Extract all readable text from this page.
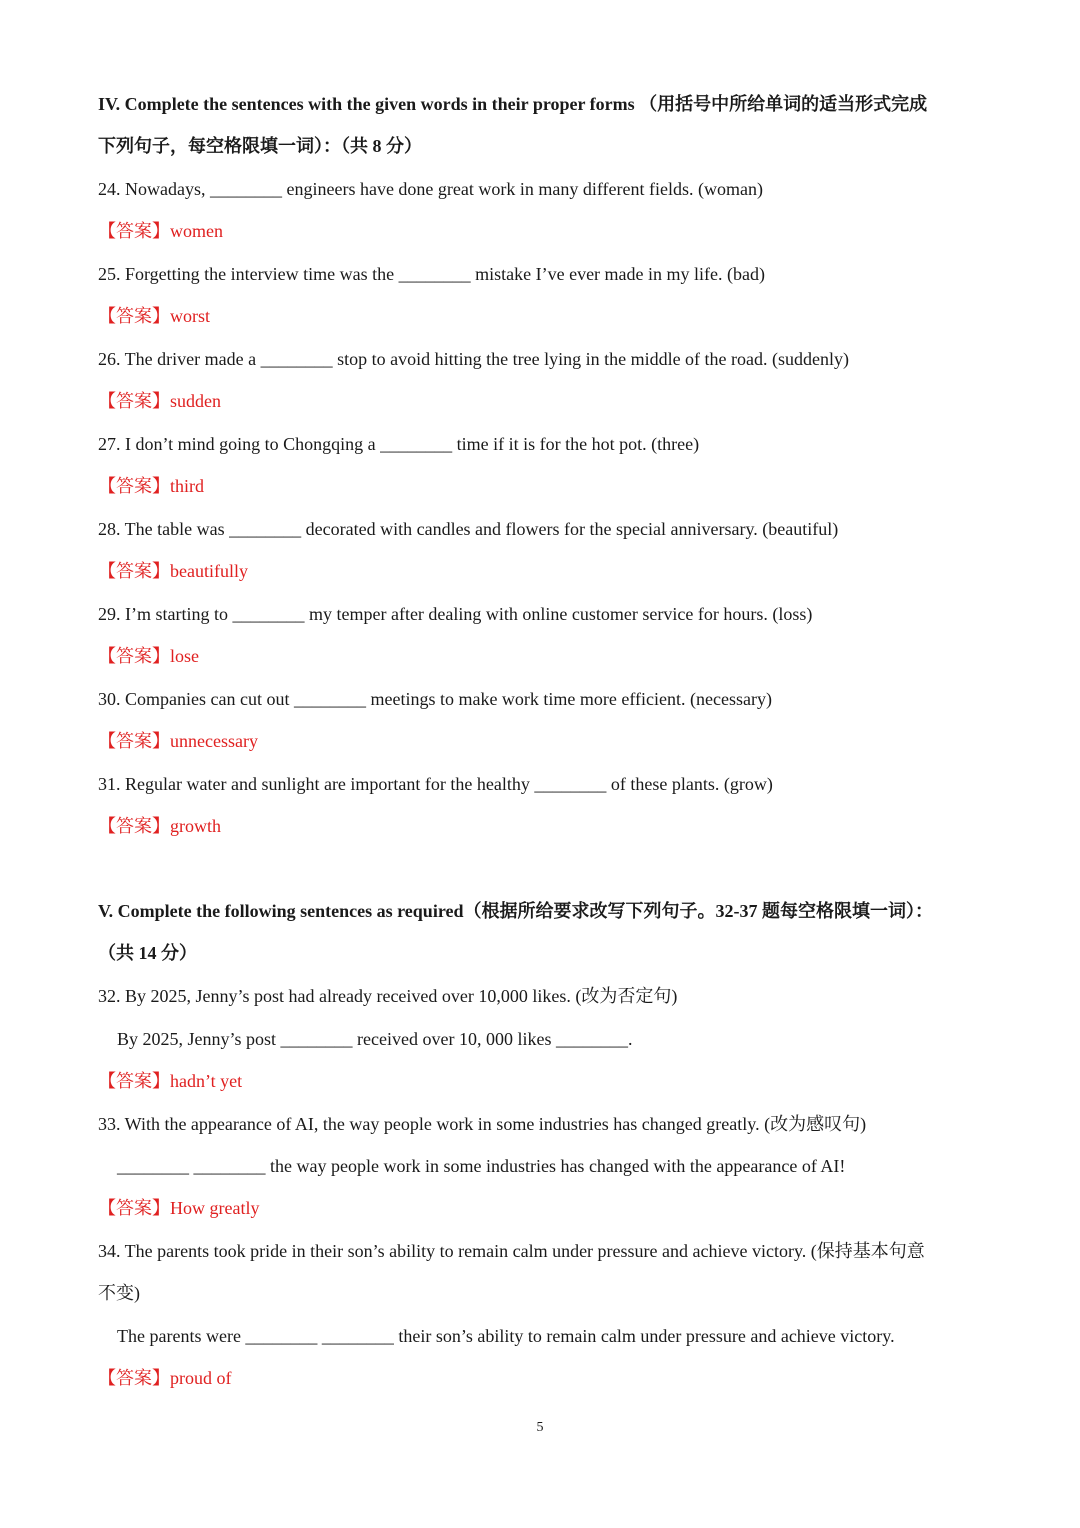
IV. Complete the sentences with the given words in their proper forms （用括号中所给单词的适当形式完成
下列句子，每空格限填一词）：（共 8 分）
24. Nowadays, ________ engineers have done great work in many different fields. (woman)
【答案】women
25. Forgetting the interview time was the ________ mistake I’ve ever made in my life. (bad)
【答案】worst
26. The driver made a ________ stop to avoid hitting the tree lying in the middle of the road. (suddenly)
【答案】sudden
27. I don’t mind going to Chongqing a ________ time if it is for the hot pot. (three)
【答案】third
28. The table was ________ decorated with candles and flowers for the special anniversary. (beautiful)
【答案】beautifully
29. I’m starting to ________ my temper after dealing with online customer service for hours. (loss)
【答案】lose
30. Companies can cut out ________ meetings to make work time more efficient. (necessary)
【答案】unnecessary
31. Regular water and sunlight are important for the healthy ________ of these plants. (grow)
【答案】growth
V. Complete the following sentences as required（根据所给要求改写下列句子。32-37 题每空格限填一词）：
（共 14 分）
32. By 2025, Jenny’s post had already received over 10,000 likes. (改为否定句)
By 2025, Jenny’s post ________ received over 10, 000 likes ________.
【答案】hadn’t yet
33. With the appearance of AI, the way people work in some industries has changed greatly. (改为感叹句)
________ ________ the way people work in some industries has changed with the appearance of AI!
【答案】How greatly
34. The parents took pride in their son’s ability to remain calm under pressure and achieve victory. (保持基本句意
不变)
The parents were ________ ________ their son’s ability to remain calm under pressure and achieve victory.
【答案】proud of
5
